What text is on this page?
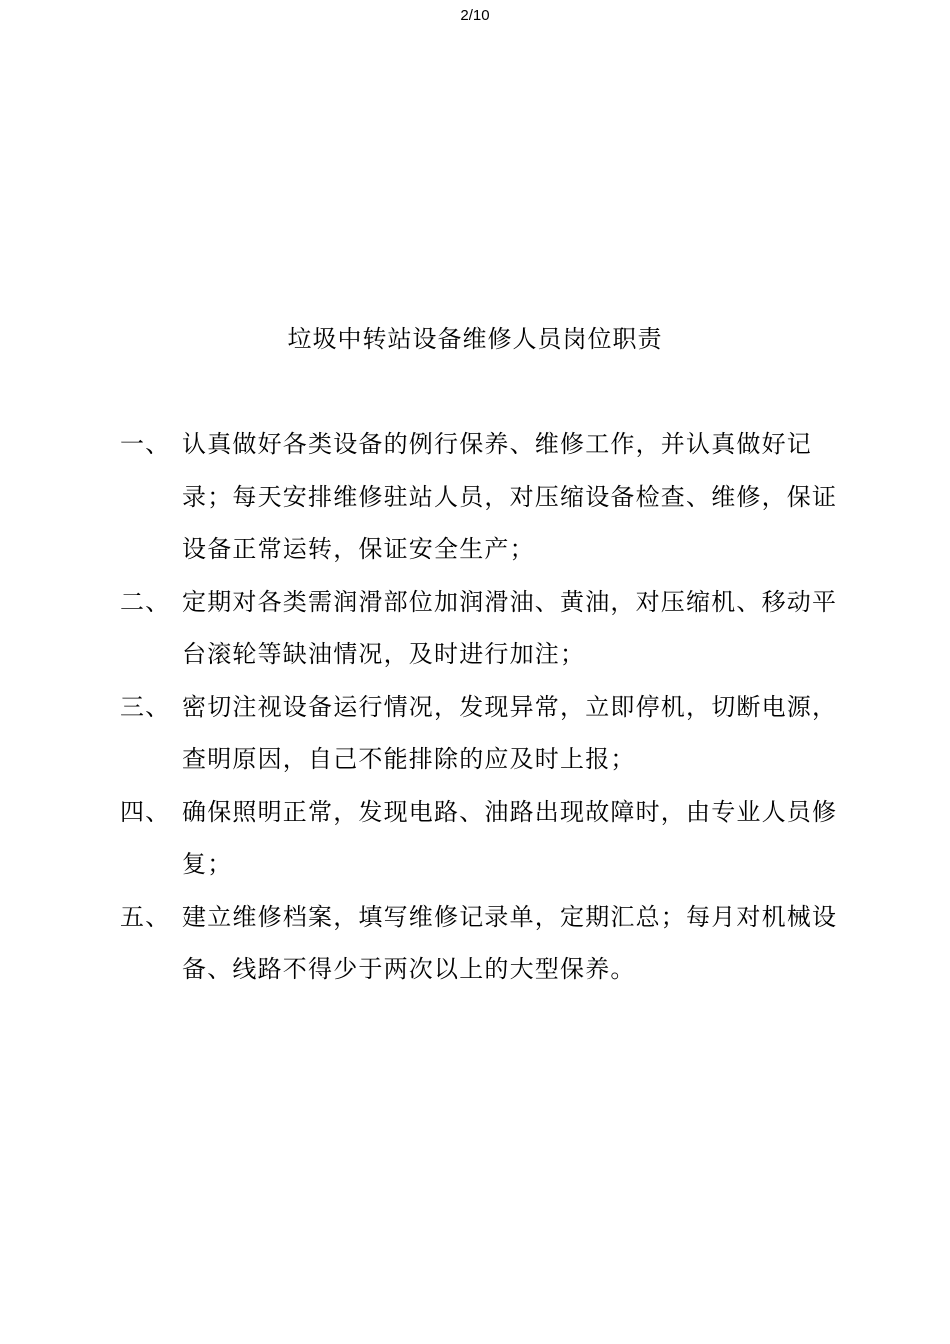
2/10
垃圾中转站设备维修人员岗位职责
一、 认真做好各类设备的例行保养、维修工作，并认真做好记录；每天安排维修驻站人员，对压缩设备检查、维修，保证设备正常运转，保证安全生产；
二、 定期对各类需润滑部位加润滑油、黄油，对压缩机、移动平台滚轮等缺油情况，及时进行加注；
三、 密切注视设备运行情况，发现异常，立即停机，切断电源，查明原因，自己不能排除的应及时上报；
四、 确保照明正常，发现电路、油路出现故障时，由专业人员修复；
五、 建立维修档案，填写维修记录单，定期汇总；每月对机械设备、线路不得少于两次以上的大型保养。
